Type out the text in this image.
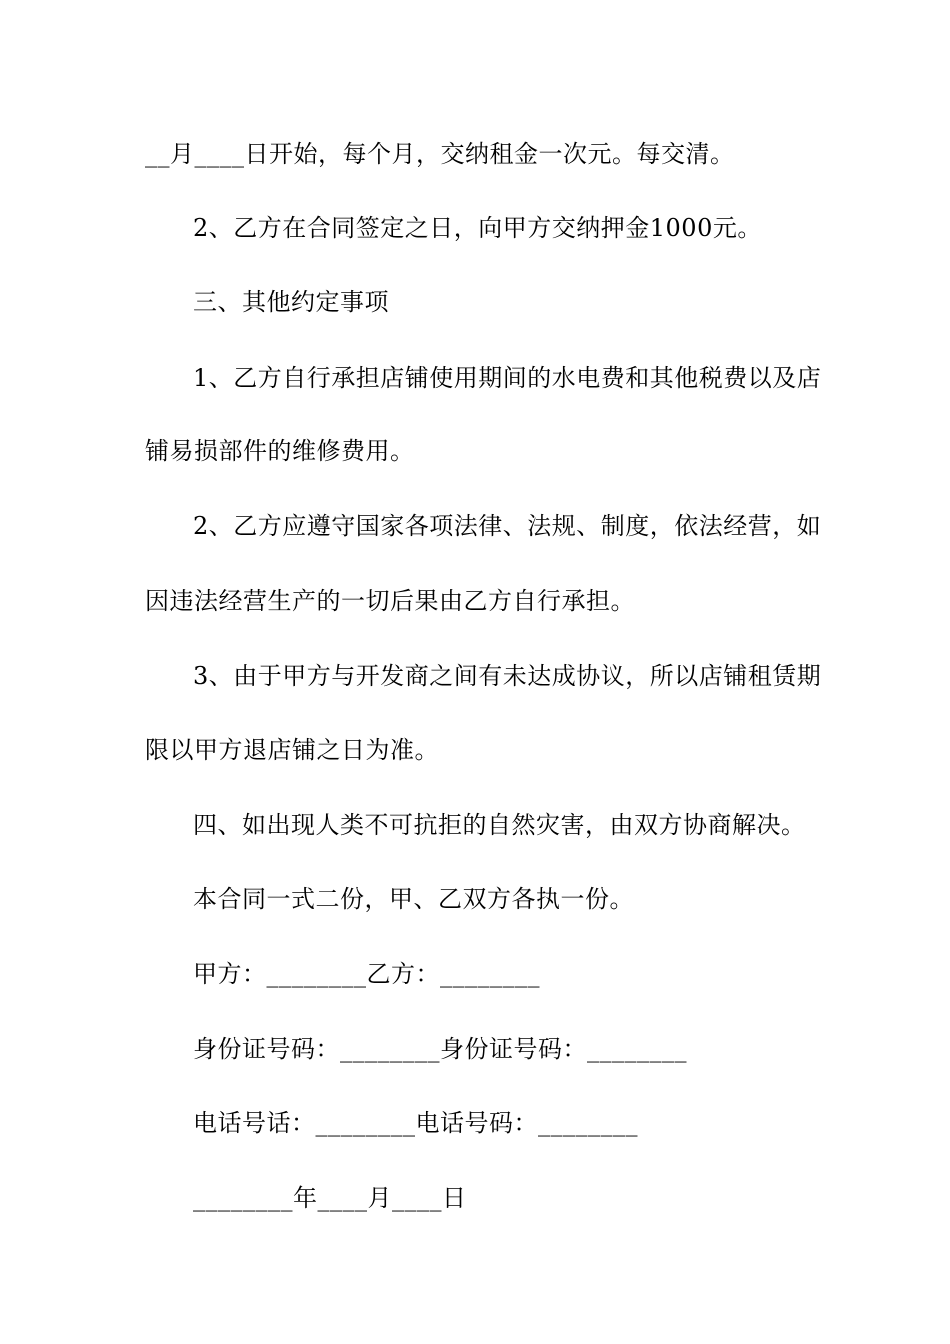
__月____日开始，每个月，交纳租金一次元。每交清。
2、乙方在合同签定之日，向甲方交纳押金1000元。
三、其他约定事项
1、乙方自行承担店铺使用期间的水电费和其他税费以及店
铺易损部件的维修费用。
2、乙方应遵守国家各项法律、法规、制度，依法经营，如
因违法经营生产的一切后果由乙方自行承担。
3、由于甲方与开发商之间有未达成协议，所以店铺租赁期
限以甲方退店铺之日为准。
四、如出现人类不可抗拒的自然灾害，由双方协商解决。
本合同一式二份，甲、乙双方各执一份。
甲方：________乙方：________
身份证号码：________身份证号码：________
电话号话：________电话号码：________
________年____月____日
